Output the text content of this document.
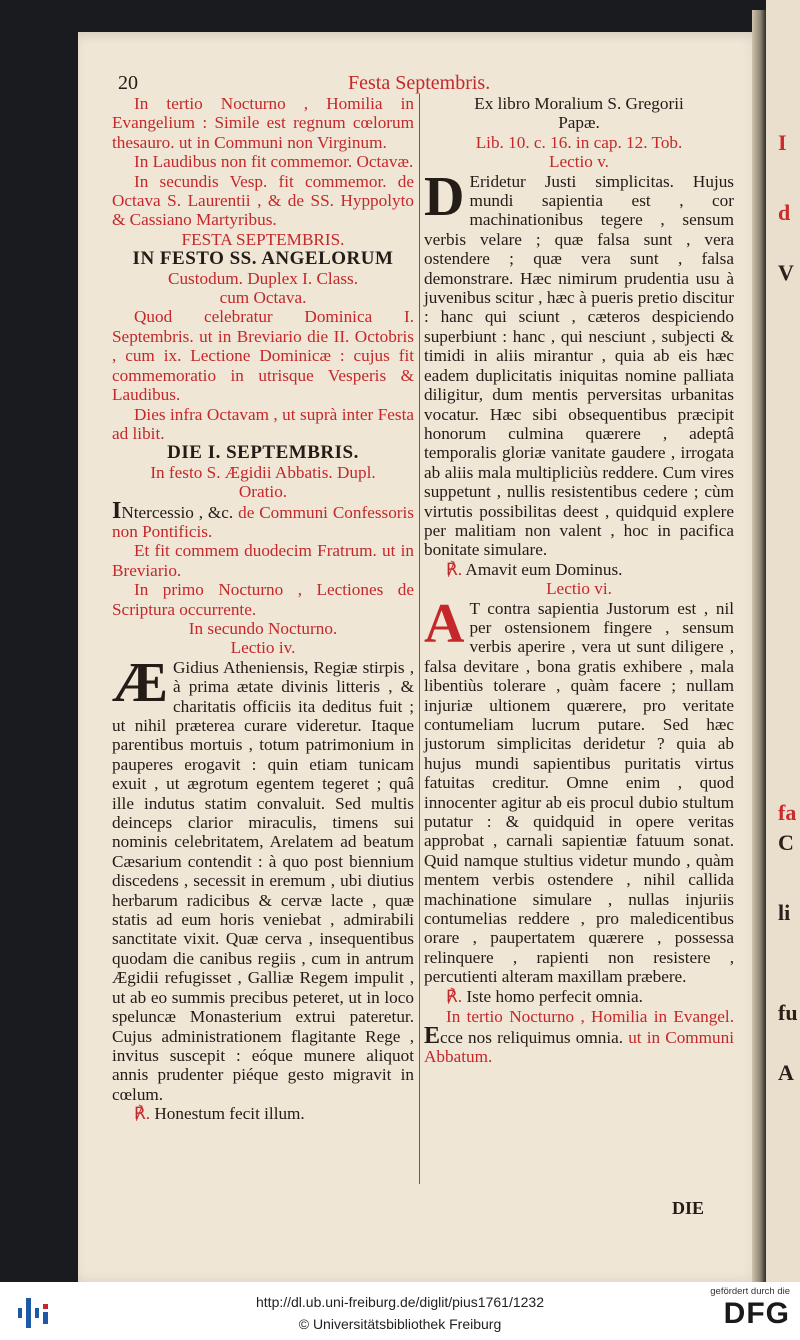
I
d
V
fa
C
li
fu
A
20	Festa Septembris.
In tertio Nocturno , Homilia in Evangelium : Simile est regnum cœlorum thesauro. ut in Communi non Virginum.
In Laudibus non fit commemor. Octavæ.
In secundis Vesp. fit commemor. de Octava S. Laurentii , & de SS. Hyppolyto & Cassiano Martyribus.
FESTA SEPTEMBRIS.
IN FESTO SS. ANGELORUM
Custodum. Duplex I. Class.
cum Octava.
Quod celebratur Dominica I. Septembris. ut in Breviario die II. Octobris , cum ix. Lectione Dominicæ : cujus fit commemoratio in utrisque Vesperis & Laudibus.
Dies infra Octavam , ut suprà inter Festa ad libit.
DIE I. SEPTEMBRIS.
In festo S. Ægidii Abbatis. Dupl.
Oratio.
INtercessio , &c. de Communi Confessoris non Pontificis.
Et fit commem duodecim Fratrum. ut in Breviario.
In primo Nocturno , Lectiones de Scriptura occurrente.
In secundo Nocturno.
Lectio iv.
Æ Gidius Atheniensis, Regiæ stirpis , à prima ætate divinis litteris , & charitatis officiis ita deditus fuit ; ut nihil præterea curare videretur. Itaque parentibus mortuis , totum patrimonium in pauperes erogavit : quin etiam tunicam exuit , ut ægrotum egentem tegeret ; quâ ille indutus statim convaluit. Sed multis deinceps clarior miraculis, timens sui nominis celebritatem, Arelatem ad beatum Cæsarium contendit : à quo post biennium discedens , secessit in eremum , ubi diutius herbarum radicibus & cervæ lacte , quæ statis ad eum horis veniebat , admirabili sanctitate vixit. Quæ cerva , insequentibus quodam die canibus regiis , cum in antrum Ægidii refugisset , Galliæ Regem impulit , ut ab eo summis precibus peteret, ut in loco speluncæ Monasterium extrui pateretur. Cujus administrationem flagitante Rege , invitus suscepit : eóque munere aliquot annis prudenter piéque gesto migravit in cœlum.
℟. Honestum fecit illum.
Ex libro Moralium S. Gregorii
Papæ.
Lib. 10. c. 16. in cap. 12. Tob.
Lectio v.
D Eridetur Justi simplicitas. Hujus mundi sapientia est , cor machinationibus tegere , sensum verbis velare ; quæ falsa sunt , vera ostendere ; quæ vera sunt , falsa demonstrare. Hæc nimirum prudentia usu à juvenibus scitur , hæc à pueris pretio discitur : hanc qui sciunt , cæteros despiciendo superbiunt : hanc , qui nesciunt , subjecti & timidi in aliis mirantur , quia ab eis hæc eadem duplicitatis iniquitas nomine palliata diligitur, dum mentis perversitas urbanitas vocatur. Hæc sibi obsequentibus præcipit honorum culmina quærere , adeptâ temporalis gloriæ vanitate gaudere , irrogata ab aliis mala multipliciùs reddere. Cum vires suppetunt , nullis resistentibus cedere ; cùm virtutis possibilitas deest , quidquid explere per malitiam non valent , hoc in pacifica bonitate simulare.
℟. Amavit eum Dominus.
Lectio vi.
A T contra sapientia Justorum est , nil per ostensionem fingere , sensum verbis aperire , vera ut sunt diligere , falsa devitare , bona gratis exhibere , mala libentiùs tolerare , quàm facere ; nullam injuriæ ultionem quærere, pro veritate contumeliam lucrum putare. Sed hæc justorum simplicitas deridetur ? quia ab hujus mundi sapientibus puritatis virtus fatuitas creditur. Omne enim , quod innocenter agitur ab eis procul dubio stultum putatur : & quidquid in opere veritas approbat , carnali sapientiæ fatuum sonat. Quid namque stultius videtur mundo , quàm mentem verbis ostendere , nihil callida machinatione simulare , nullas injuriis contumelias reddere , pro maledicentibus orare , paupertatem quærere , possessa relinquere , rapienti non resistere , percutienti alteram maxillam præbere.
℟. Iste homo perfecit omnia.
In tertio Nocturno , Homilia in Evangel. Ecce nos reliquimus omnia. ut in Communi Abbatum.
DIE
http://dl.ub.uni-freiburg.de/diglit/pius1761/1232
© Universitätsbibliothek Freiburg
gefördert durch die
DFG
